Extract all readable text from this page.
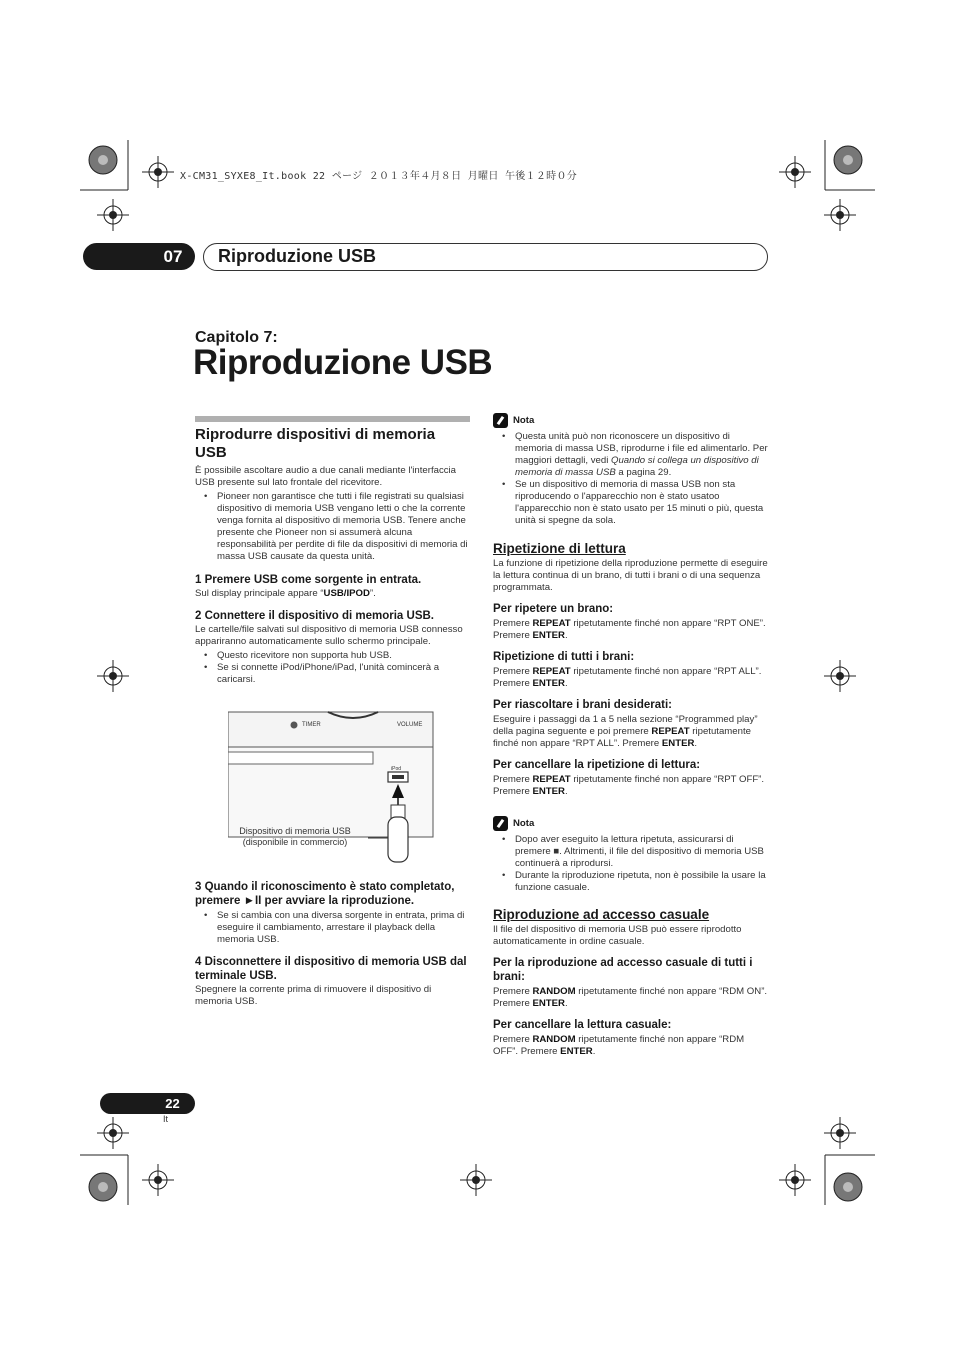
X-CM31_SYXE8_It.book 22 ページ ２０１３年４月８日 月曜日 午後１２時０分
07	Riproduzione USB
Capitolo 7:
Riproduzione USB
Riprodurre dispositivi di memoria USB

È possibile ascoltare audio a due canali mediante l'interfaccia USB presente sul lato frontale del ricevitore.

• Pioneer non garantisce che tutti i file registrati su qualsiasi dispositivo di memoria USB vengano letti o che la corrente venga fornita al dispositivo di memoria USB. Tenere anche presente che Pioneer non si assumerà alcuna responsabilità per perdite di file da dispositivi di memoria di massa USB causate da questa unità.

1 Premere USB come sorgente in entrata.

Sul display principale appare “USB/IPOD”.

2 Connettere il dispositivo di memoria USB.

Le cartelle/file salvati sul dispositivo di memoria USB connesso appariranno automaticamente sullo schermo principale.

• Questo ricevitore non supporta hub USB.
• Se si connette iPod/iPhone/iPad, l'unità comincerà a caricarsi.
TIMER	VOLUME
iPod
Dispositivo di memoria USB
(disponibile in commercio)

3 Quando il riconoscimento è stato completato, premere ►II per avviare la riproduzione.

• Se si cambia con una diversa sorgente in entrata, prima di eseguire il cambiamento, arrestare il playback della memoria USB.

4 Disconnettere il dispositivo di memoria USB dal terminale USB.

Spegnere la corrente prima di rimuovere il dispositivo di memoria USB.

Nota
• Questa unità può non riconoscere un dispositivo di memoria di massa USB, riprodurne i file ed alimentarlo. Per maggiori dettagli, vedi Quando si collega un dispositivo di memoria di massa USB a pagina 29.
• Se un dispositivo di memoria di massa USB non sta riproducendo o l'apparecchio non è stato usatoo l'apparecchio non è stato usato per 15 minuti o più, questa unità si spegne da sola.
Ripetizione di lettura

La funzione di ripetizione della riproduzione permette di eseguire la lettura continua di un brano, di tutti i brani o di una sequenza programmata.

Per ripetere un brano:

Premere REPEAT ripetutamente finché non appare “RPT ONE”. Premere ENTER.

Ripetizione di tutti i brani:

Premere REPEAT ripetutamente finché non appare “RPT ALL”. Premere ENTER.

Per riascoltare i brani desiderati:

Eseguire i passaggi da 1 a 5 nella sezione “Programmed play” della pagina seguente e poi premere REPEAT ripetutamente finché non appare “RPT ALL”. Premere ENTER.

Per cancellare la ripetizione di lettura:

Premere REPEAT ripetutamente finché non appare “RPT OFF”. Premere ENTER.

Nota
• Dopo aver eseguito la lettura ripetuta, assicurarsi di premere ■. Altrimenti, il file del dispositivo di memoria USB continuerà a riprodursi.
• Durante la riproduzione ripetuta, non è possibile la usare la funzione casuale.
Riproduzione ad accesso casuale

Il file del dispositivo di memoria USB può essere riprodotto automaticamente in ordine casuale.

Per la riproduzione ad accesso casuale di tutti i brani:

Premere RANDOM ripetutamente finché non appare “RDM ON”. Premere ENTER.

Per cancellare la lettura casuale:

Premere RANDOM ripetutamente finché non appare “RDM OFF”. Premere ENTER.

22
It
